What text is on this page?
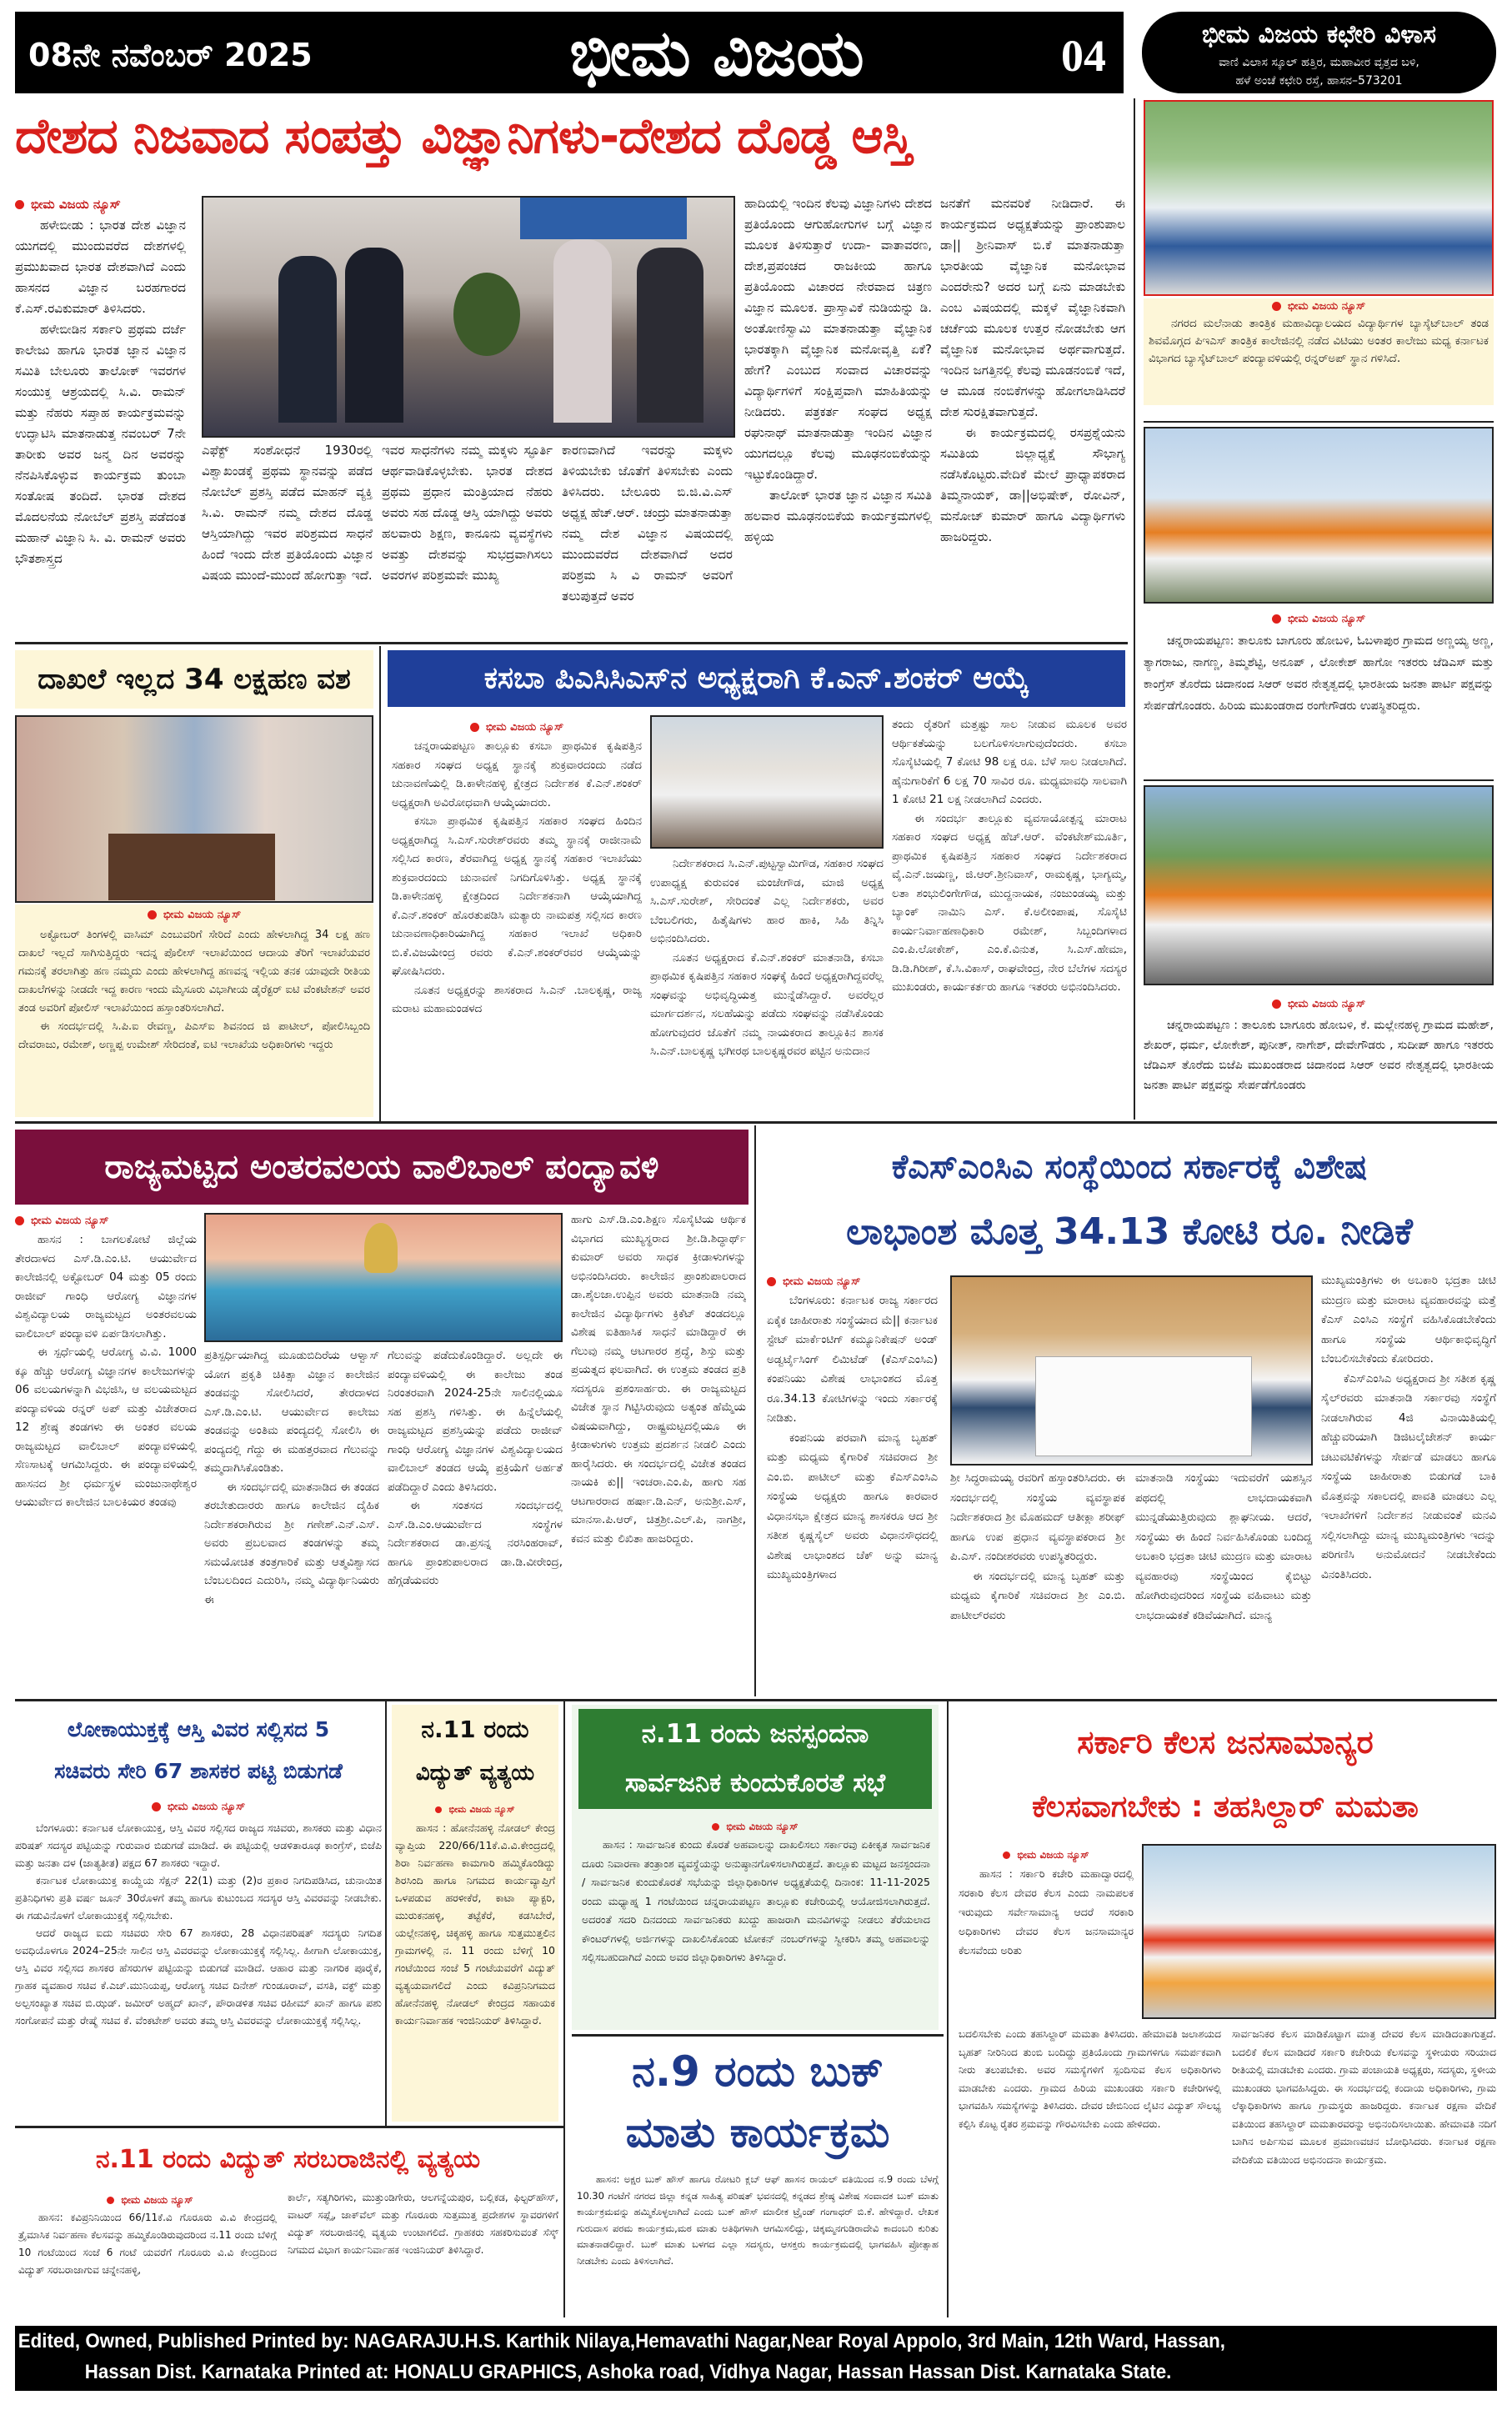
08ನೇ ನವೆಂಬರ್ 2025	ಭೀಮ ವಿಜಯ	04	ಭೀಮ ವಿಜಯ ಕಛೇರಿ ವಿಳಾಸ
ವಾಣಿ ವಿಲಾಸ ಸ್ಕೂಲ್ ಹತ್ತಿರ, ಮಹಾವೀರ ವೃತ್ತದ ಬಳಿ,
ಹಳೆ ಅಂಚೆ ಕಛೇರಿ ರಸ್ತೆ, ಹಾಸನ–573201
ದೇಶದ ನಿಜವಾದ ಸಂಪತ್ತು ವಿಜ್ಞಾನಿಗಳು-ದೇಶದ ದೊಡ್ಡ ಆಸ್ತಿ
ಭೀಮ ವಿಜಯ ನ್ಯೂಸ್

ಹಳೇಬೀಡು : ಭಾರತ ದೇಶ ವಿಜ್ಞಾನ ಯುಗದಲ್ಲಿ ಮುಂದುವರೆದ ದೇಶಗಳಲ್ಲಿ ಪ್ರಮುಖವಾದ ಭಾರತ ದೇಶವಾಗಿದೆ ಎಂದು ಹಾಸನದ ವಿಜ್ಞಾನ ಬರಹಗಾರದ ಕೆ.ಎಸ್.ರವಿಕುಮಾರ್ ತಿಳಿಸಿದರು.

ಹಳೇಬೀಡಿನ ಸರ್ಕಾರಿ ಪ್ರಥಮ ದರ್ಜೆ ಕಾಲೇಜು ಹಾಗೂ ಭಾರತ ಜ್ಞಾನ ವಿಜ್ಞಾನ ಸಮಿತಿ ಬೇಲೂರು ತಾಲೋಕ್ ಇವರಗಳ ಸಂಯುಕ್ತ ಆಶ್ರಯದಲ್ಲಿ ಸಿ.ವಿ. ರಾಮನ್ ಮತ್ತು ನೆಹರು ಸಪ್ತಾಹ ಕಾರ್ಯಕ್ರಮವನ್ನು ಉದ್ಘಾಟಿಸಿ ಮಾತನಾಡುತ್ತ ನವಂಬರ್ 7ನೇ ತಾರೀಕು ಅವರ ಜನ್ಮ ದಿನ ಅವರನ್ನು ನೆನಪಿಸಿಕೊಳ್ಳುವ ಕಾರ್ಯಕ್ರಮ ತುಂಬಾ ಸಂತೋಷ ತಂದಿದೆ. ಭಾರತ ದೇಶದ ಮೊದಲನೆಯ ನೋಬೆಲ್ ಪ್ರಶಸ್ತಿ ಪಡೆದಂತ ಮಹಾನ್ ವಿಜ್ಞಾನಿ ಸಿ. ವಿ. ರಾಮನ್ ಅವರು ಭೌತಶಾಸ್ತ್ರದ

ಎಫೆಕ್ಟ್ ಸಂಶೋಧನೆ 1930ರಲ್ಲಿ ವಿಶ್ವಾಖಂಡಕ್ಕೆ ಪ್ರಥಮ ಸ್ಥಾನವನ್ನು ಪಡೆದ ನೋಬೆಲ್ ಪ್ರಶಸ್ತಿ ಪಡೆದ ಮಾಹನ್ ವ್ಯಕ್ತಿ ಸಿ.ವಿ. ರಾಮನ್ ನಮ್ಮ ದೇಶದ ದೊಡ್ಡ ಆಸ್ತಿಯಾಗಿದ್ದು ಇವರ ಪರಿಶ್ರಮದ ಸಾಧನೆ ಹಿಂದೆ ಇಂದು ದೇಶ ಪ್ರತಿಯೊಂದು ವಿಜ್ಞಾನ ವಿಷಯ ಮುಂದೆ-ಮುಂದೆ ಹೋಗುತ್ತಾ ಇದೆ.

ಇವರ ಸಾಧನೆಗಳು ನಮ್ಮ ಮಕ್ಕಳು ಸ್ಫೂರ್ತಿ ಆರ್ಥವಾಡಿಕೊಳ್ಳಬೇಕು. ಭಾರತ ದೇಶದ ಪ್ರಥಮ ಪ್ರಧಾನ ಮಂತ್ರಿಯಾದ ನೆಹರು ಅವರು ಸಹ ದೊಡ್ಡ ಆಸ್ತಿ ಯಾಗಿದ್ದು ಅವರು ಹಲವಾರು ಶಿಕ್ಷಣ, ಕಾನೂನು ವ್ಯವಸ್ಥೆಗಳು ಅವತ್ತು ದೇಶವನ್ನು ಸುಭದ್ರವಾಗಿಸಲು ಅವರಗಳ ಪರಿಶ್ರಮವೇ ಮುಖ್ಯ

ಕಾರಣವಾಗಿದೆ ಇವರನ್ನು ಮಕ್ಕಳು ತಿಳಿಯಬೇಕು ಜೊತೆಗೆ ತಿಳಿಸಬೇಕು ಎಂದು ತಿಳಿಸಿದರು. ಬೇಲೂರು ಬಿ.ಜಿ.ವಿ.ಎಸ್ ಅಧ್ಯಕ್ಷ ಹೆಚ್.ಆರ್. ಚಂದ್ರು ಮಾತನಾಡುತ್ತಾ ನಮ್ಮ ದೇಶ ವಿಜ್ಞಾನ ವಿಷಯದಲ್ಲಿ ಮುಂದುವರೆದ ದೇಶವಾಗಿದೆ ಅದರ ಪರಿಶ್ರಮ ಸಿ ವಿ ರಾಮನ್ ಅವರಿಗೆ ತಲುಪುತ್ತದೆ ಅವರ

ಹಾದಿಯಲ್ಲಿ ಇಂದಿನ ಕೆಲವು ವಿಜ್ಞಾನಿಗಳು ದೇಶದ ಪ್ರತಿಯೊಂದು ಆಗುಹೋಗುಗಳ ಬಗ್ಗೆ ವಿಜ್ಞಾನ ಮೂಲಕ ತಿಳಿಸುತ್ತಾರೆ ಉದಾ- ವಾತಾವರಣ, ದೇಶ,ಪ್ರಪಂಚದ ರಾಜಕೀಯ ಹಾಗೂ ಪ್ರತಿಯೊಂದು ವಿಚಾರದ ನೇರವಾದ ಚಿತ್ರಣ ವಿಜ್ಞಾನ ಮೂಲಕ. ಪ್ರಾಸ್ತಾವಿಕೆ ನುಡಿಯನ್ನು ಡಿ. ಅಂತೋಣಿಸ್ವಾಮಿ ಮಾತನಾಡುತ್ತಾ ವೈಜ್ಞಾನಿಕ ಭಾರತಕ್ಕಾಗಿ ವೈಜ್ಞಾನಿಕ ಮನೋವೃತ್ತಿ ಏಕೆ? ಹೇಗೆ? ಎಂಬುದ ಸಂವಾದ ವಿಚಾರವನ್ನು ವಿದ್ಯಾರ್ಥಿಗಳಿಗೆ ಸಂಕ್ಷಿಪ್ತವಾಗಿ ಮಾಹಿತಿಯನ್ನು ನೀಡಿದರು. ಪತ್ರಕರ್ತ ಸಂಘದ ಅಧ್ಯಕ್ಷ ರಘುನಾಥ್ ಮಾತನಾಡುತ್ತಾ ಇಂದಿನ ವಿಜ್ಞಾನ ಯುಗದಲ್ಲೂ ಕೆಲವು ಮೂಢನಂಬಿಕೆಯನ್ನು ಇಟ್ಟುಕೊಂಡಿದ್ದಾರೆ.

ತಾಲೋಕ್ ಭಾರತ ಜ್ಞಾನ ವಿಜ್ಞಾನ ಸಮಿತಿ ಹಲವಾರ ಮೂಢನಂಬಿಕೆಯ ಕಾರ್ಯಕ್ರಮಗಳಲ್ಲಿ ಹಳ್ಳಿಯ

ಜನತೆಗೆ ಮನವರಿಕೆ ನೀಡಿದಾರೆ. ಈ ಕಾರ್ಯಕ್ರಮದ ಅಧ್ಯಕ್ಷತೆಯನ್ನು ಪ್ರಾಂಶುಪಾಲ ಡಾ|| ಶ್ರೀನಿವಾಸ್ ಬಿ.ಕೆ ಮಾತನಾಡುತ್ತಾ ಭಾರತೀಯ ವೈಜ್ಞಾನಿಕ ಮನೋಭಾವ ಎಂದರೇನು? ಅದರ ಬಗ್ಗೆ ಏನು ಮಾಡಬೇಕು ಎಂಬ ವಿಷಯದಲ್ಲಿ ಮಕ್ಕಳೆ ವೈಜ್ಞಾನಿಕವಾಗಿ ಚರ್ಚೆಯ ಮೂಲಕ ಉತ್ತರ ನೋಡಬೇಕು ಆಗ ವೈಜ್ಞಾನಿಕ ಮನೋಭಾವ ಅರ್ಥವಾಗುತ್ತದೆ. ಇಂದಿನ ಜಗತ್ತಿನಲ್ಲಿ ಕೆಲವು ಮೂಡನಂಬಿಕೆ ಇದೆ, ಆ ಮೂಡ ನಂಬಿಕೆಗಳನ್ನು ಹೋಗಲಾಡಿಸಿದರೆ ದೇಶ ಸುರಕ್ಷಿತವಾಗುತ್ತದೆ.

ಈ ಕಾರ್ಯಕ್ರಮದಲ್ಲಿ ರಸಪ್ರಶ್ನೆಯನು ಸಮಿತಿಯ ಜಿಲ್ಲಾಧ್ಯಕ್ಷೆ ಸೌಭಾಗ್ಯ ನಡೆಸಿಕೊಟ್ಟರು.ವೇದಿಕೆ ಮೇಲೆ ಪ್ರಾಧ್ಯಾಪಕರಾದ ತಿಮ್ಮನಾಯಕ್, ಡಾ||ಅಭಿಷೇಕ್, ರೋವಿನ್, ಮನೋಜ್ ಕುಮಾರ್ ಹಾಗೂ ವಿದ್ಯಾರ್ಥಿಗಳು ಹಾಜರಿದ್ದರು.

ಭೀಮ ವಿಜಯ ನ್ಯೂಸ್

ನಗರದ ಮಲೆನಾಡು ತಾಂತ್ರಿಕ ಮಹಾವಿದ್ಯಾಲಯದ ವಿದ್ಯಾರ್ಥಿಗಳ ಬ್ಯಾಸ್ಕೆಟ್‌ಬಾಲ್ ತಂಡ ಶಿವಮೊಗ್ಗದ ಪಿಇಎಸ್ ತಾಂತ್ರಿಕ ಕಾಲೇಜಿನಲ್ಲಿ ನಡೆದ ವಿಟಿಯು ಅಂತರ ಕಾಲೇಜು ಮಧ್ಯ ಕರ್ನಾಟಕ ವಿಭಾಗದ ಬ್ಯಾಸ್ಕೆಟ್‌ಬಾಲ್ ಪಂದ್ಯಾವಳಿಯಲ್ಲಿ ರನ್ನರ್‌ಅಪ್ ಸ್ಥಾನ ಗಳಿಸಿದೆ.

ಭೀಮ ವಿಜಯ ನ್ಯೂಸ್

ಚನ್ನರಾಯಪಟ್ಟಣ: ತಾಲೂಕು ಬಾಗೂರು ಹೋಬಳಿ, ಓಬಳಾಪುರ ಗ್ರಾಮದ ಅಣ್ಣಯ್ಯ ಅಣ್ಣ, ತ್ಯಾಗರಾಜು, ನಾಗಣ್ಣ, ತಿಮ್ಮಶೆಟ್ಟಿ, ಅನೂಪ್ , ಲೋಕೇಶ್ ಹಾಗೋ ಇತರರು ಜೆಡಿಎಸ್ ಮತ್ತು ಕಾಂಗ್ರೆಸ್ ತೊರೆದು ಚಿದಾನಂದ ಸಿಆರ್ ಅವರ ನೇತೃತ್ವದಲ್ಲಿ ಭಾರತೀಯ ಜನತಾ ಪಾರ್ಟಿ ಪಕ್ಷವನ್ನು ಸೇರ್ಪಡೆಗೊಂಡರು. ಹಿರಿಯ ಮುಖಂಡರಾದ ರಂಗೇಗೌಡರು ಉಪಸ್ಥಿತರಿದ್ದರು.

ಭೀಮ ವಿಜಯ ನ್ಯೂಸ್

ಚನ್ನರಾಯಪಟ್ಟಣ : ತಾಲೂಕು ಬಾಗೂರು ಹೋಬಳಿ, ಕೆ. ಮಲ್ಲೇನಹಳ್ಳಿ ಗ್ರಾಮದ ಮಹೇಶ್, ಶೇಖರ್, ಧರ್ಮ, ಲೋಕೇಶ್, ಪುನೀತ್, ನಾಗೇಶ್, ದೇವೇಗೌಡರು , ಸುದೀಪ್ ಹಾಗೂ ಇತರರು ಜೆಡಿಎಸ್ ತೊರೆದು ಬಿಜೆಪಿ ಮುಖಂಡರಾದ ಚಿದಾನಂದ ಸಿಆರ್ ಅವರ ನೇತೃತ್ವದಲ್ಲಿ ಭಾರತೀಯ ಜನತಾ ಪಾರ್ಟಿ ಪಕ್ಷವನ್ನು ಸೇರ್ಪಡೆಗೊಂಡರು

ದಾಖಲೆ ಇಲ್ಲದ 34 ಲಕ್ಷಹಣ ವಶ
ಭೀಮ ವಿಜಯ ನ್ಯೂಸ್

ಅಕ್ಟೋಬರ್ ತಿಂಗಳಲ್ಲಿ ವಾಸಿಮ್ ಎಂಬುವರಿಗೆ ಸೇರಿದೆ ಎಂದು ಹೇಳಲಾಗಿದ್ದ 34 ಲಕ್ಷ ಹಣ ದಾಖಲೆ ಇಲ್ಲದೆ ಸಾಗಿಸುತ್ತಿದ್ದರು ಇದನ್ನ ಪೊಲೀಸ್ ಇಲಾಖೆಯಿಂದ ಆದಾಯ ತೆರಿಗೆ ಇಲಾಖೆಯವರ ಗಮನಕ್ಕೆ ತರಲಾಗಿತ್ತು ಹಣ ನಮ್ಮದು ಎಂದು ಹೇಳಲಾಗಿದ್ದ ಹಣವನ್ನ ಇಲ್ಲಿಯ ತನಕ ಯಾವುದೇ ರೀತಿಯ ದಾಖಲೆಗಳನ್ನು ನೀಡದೇ ಇದ್ದ ಕಾರಣ ಇಂದು ಮೈಸೂರು ವಿಭಾಗೀಯ ಡೈರೆಕ್ಟರ್ ಐಟಿ ವೆಂಕಟೇಶನ್ ಅವರ ತಂಡ ಅವರಿಗೆ ಪೋಲಿಸ್ ಇಲಾಖೆಯಿಂದ ಹಸ್ತಾಂತರಿಸಲಾಗಿದೆ.

ಈ ಸಂದರ್ಭದಲ್ಲಿ ಸಿ.ಪಿ.ಐ ರೇವಣ್ಣ, ಪಿಎಸ್ಐ ಶಿವನಂದ ಜಿ ಪಾಟೀಲ್, ಪೋಲಿಸಿಬ್ಬಂದಿ ದೇವರಾಜು, ರಮೇಶ್, ಅಣ್ಣಪ್ಪ ಉಮೇಶ್ ಸೇರಿದಂತೆ, ಐಟಿ ಇಲಾಖೆಯ ಅಧಿಕಾರಿಗಳು ಇದ್ದರು

ಕಸಬಾ ಪಿಎಸಿಸಿಎಸ್‌ನ ಅಧ್ಯಕ್ಷರಾಗಿ ಕೆ.ಎನ್.ಶಂಕರ್ ಆಯ್ಕೆ
ಭೀಮ ವಿಜಯ ನ್ಯೂಸ್

ಚನ್ನರಾಯಪಟ್ಟಣ ತಾಲ್ಲೂಕು ಕಸಬಾ ಪ್ರಾಥಮಿಕ ಕೃಷಿಪತ್ತಿನ ಸಹಕಾರ ಸಂಘದ ಅಧ್ಯಕ್ಷ ಸ್ಥಾನಕ್ಕೆ ಶುಕ್ರವಾರದಂದು ನಡೆದ ಚುನಾವಣೆಯಲ್ಲಿ ಡಿ.ಕಾಳೇನಹಳ್ಳಿ ಕ್ಷೇತ್ರದ ನಿರ್ದೇಶಕ ಕೆ.ಎನ್.ಶಂಕರ್ ಅಧ್ಯಕ್ಷರಾಗಿ ಅವಿರೋಧವಾಗಿ ಆಯ್ಕೆಯಾದರು.

ಕಸಬಾ ಪ್ರಾಥಮಿಕ ಕೃಷಿಪತ್ತಿನ ಸಹಕಾರ ಸಂಘದ ಹಿಂದಿನ ಅಧ್ಯಕ್ಷರಾಗಿದ್ದ ಸಿ.ಎಸ್.ಸುರೇಶ್‌ರವರು ತಮ್ಮ ಸ್ಥಾನಕ್ಕೆ ರಾಜೀನಾಮೆ ಸಲ್ಲಿಸಿದ ಕಾರಣ, ತೆರವಾಗಿದ್ದ ಅಧ್ಯಕ್ಷ ಸ್ಥಾನಕ್ಕೆ ಸಹಕಾರ ಇಲಾಖೆಯು ಶುಕ್ರವಾರದಂದು ಚುನಾವಣೆ ನಿಗದಿಗೊಳಿಸಿತ್ತು. ಅಧ್ಯಕ್ಷ ಸ್ಥಾನಕ್ಕೆ ಡಿ.ಕಾಳೇನಹಳ್ಳಿ ಕ್ಷೇತ್ರದಿಂದ ನಿರ್ದೇಶಕನಾಗಿ ಆಯ್ಕೆಯಾಗಿದ್ದ ಕೆ.ಎನ್.ಶಂಕರ್ ಹೊರತುಪಡಿಸಿ ಮತ್ಯಾರು ನಾಮಪತ್ರ ಸಲ್ಲಿಸದ ಕಾರಣ ಚುನಾವಣಾಧಿಕಾರಿಯಾಗಿದ್ದ ಸಹಕಾರ ಇಲಾಖೆ ಅಧಿಕಾರಿ ಬಿ.ಕೆ.ವಿಜಯೇಂದ್ರ ರವರು ಕೆ.ಎನ್.ಶಂಕರ್‌ರವರ ಆಯ್ಕೆಯನ್ನು ಘೋಷಿಸಿದರು.

ನೂತನ ಅಧ್ಯಕ್ಷರನ್ನು ಶಾಸಕರಾದ ಸಿ.ಎನ್ .ಬಾಲಕೃಷ್ಣ, ರಾಜ್ಯ ಮರಾಟ ಮಹಾಮಂಡಳದ

ನಿರ್ದೇಶಕರಾದ ಸಿ.ಎನ್.ಪುಟ್ಟಸ್ವಾಮಿಗೌಡ, ಸಹಕಾರ ಸಂಘದ ಉಪಾಧ್ಯಕ್ಷ ಕುರುವಂಕ ಮಂಜೇಗೌಡ, ಮಾಜಿ ಅಧ್ಯಕ್ಷ ಸಿ.ಎಸ್.ಸುರೇಶ್, ಸೇರಿದಂತೆ ಎಲ್ಲ ನಿರ್ದೇಶಕರು, ಅವರ ಬೆಂಬಲಿಗರು, ಹಿತೈಷಿಗಳು ಹಾರ ಹಾಕಿ, ಸಿಹಿ ತಿನ್ನಿಸಿ ಅಭಿನಂದಿಸಿದರು.

ನೂತನ ಅಧ್ಯಕ್ಷರಾದ ಕೆ.ಎನ್.ಶಂಕರ್ ಮಾತನಾಡಿ, ಕಸಬಾ ಪ್ರಾಥಮಿಕ ಕೃಷಿಪತ್ತಿನ ಸಹಕಾರ ಸಂಘಕ್ಕೆ ಹಿಂದೆ ಅಧ್ಯಕ್ಷರಾಗಿದ್ದವರೆಲ್ಲ ಸಂಘವನ್ನು ಅಭಿವೃದ್ಧಿಯತ್ತ ಮುನ್ನೆಡೆಸಿದ್ದಾರೆ. ಅವರೆಲ್ಲರ ಮಾರ್ಗದರ್ಶನ, ಸಲಹೆಯನ್ನು ಪಡೆದು ಸಂಘವನ್ನು ನಡೆಸಿಕೊಂಡು ಹೋಗುವುದರ ಜೊತೆಗೆ ನಮ್ಮ ನಾಯಕರಾದ ತಾಲ್ಲೂಕಿನ ಶಾಸಕ ಸಿ.ಎನ್.ಬಾಲಕೃಷ್ಣ ಭಗೀರಥ ಬಾಲಕೃಷ್ಣರವರ ಪಟ್ಟಿನ ಅನುದಾನ

ತಂದು ರೈತರಿಗೆ ಮತ್ತಷ್ಟು ಸಾಲ ನೀಡುವ ಮೂಲಕ ಅವರ ಆರ್ಥಿಕತೆಯನ್ನು ಬಲಗೊಳಿಸಲಾಗುವುದೆಂದರು. ಕಸಬಾ ಸೊಸೈಟಿಯಲ್ಲಿ 7 ಕೋಟಿ 98 ಲಕ್ಷ ರೂ. ಬೆಳೆ ಸಾಲ ನೀಡಲಾಗಿದೆ. ಹೈನುಗಾರಿಕೆಗೆ 6 ಲಕ್ಷ 70 ಸಾವಿರ ರೂ. ಮಧ್ಯಮಾವಧಿ ಸಾಲವಾಗಿ 1 ಕೋಟಿ 21 ಲಕ್ಷ ನೀಡಲಾಗಿದೆ ಎಂದರು.

ಈ ಸಂದರ್ಭ ತಾಲ್ಲೂಕು ವ್ಯವಸಾಯೋತ್ಪನ್ನ ಮಾರಾಟ ಸಹಕಾರ ಸಂಘದ ಅಧ್ಯಕ್ಷ ಹೆಚ್.ಆರ್. ವೆಂಕಟೇಶ್‌ಮೂರ್ತಿ, ಪ್ರಾಥಮಿಕ ಕೃಷಿಪತ್ತಿನ ಸಹಕಾರ ಸಂಘದ ನಿರ್ದೇಶಕರಾದ ವೈ.ಎನ್.ಜಯಣ್ಣ, ಜಿ.ಆರ್.ಶ್ರೀನಿವಾಸ್, ರಾಮಕೃಷ್ಣ, ಭಾಗ್ಯಮ್ಮ, ಲತಾ ಶಂಭುಲಿಂಗೇಗೌಡ, ಮುದ್ದನಾಯಕ, ನಂಜುಂಡಯ್ಯ ಮತ್ತು ಬ್ಯಾಂಕ್ ನಾಮಿನಿ ಎಸ್. ಕೆ.ಅಲೀಂಪಾಷ, ಸೊಸೈಟಿ ಕಾರ್ಯನಿರ್ವಾಹಣಾಧಿಕಾರಿ ರಮೇಶ್, ಸಿಬ್ಬಂದಿಗಳಾದ ಎಂ.ಪಿ.ಲೋಕೇಶ್, ಎಂ.ಕೆ.ವಿನುತ, ಸಿ.ಎಸ್.ಹೇಮಾ, ಡಿ.ಡಿ.ಗಿರೀಶ್, ಕೆ.ಸಿ.ವಿಕಾಸ್, ರಾಘವೇಂದ್ರ, ನೇರ ಬೆಲೆಗಳ ಸದಸ್ಯರ ಮುಖಂಡರು, ಕಾರ್ಯಕರ್ತರು ಹಾಗೂ ಇತರರು ಅಭಿನಂದಿಸಿದರು.

ರಾಜ್ಯಮಟ್ಟದ ಅಂತರವಲಯ ವಾಲಿಬಾಲ್ ಪಂದ್ಯಾವಳಿ
ಭೀಮ ವಿಜಯ ನ್ಯೂಸ್

ಹಾಸನ : ಬಾಗಲಕೋಟೆ ಜಿಲ್ಲೆಯ ತೇರದಾಳದ ಎಸ್.ಡಿ.ಎಂ.ಟಿ. ಆಯುರ್ವೇದ ಕಾಲೇಜಿನಲ್ಲಿ ಅಕ್ಟೋಬರ್ 04 ಮತ್ತು 05 ರಂದು ರಾಜೀವ್ ಗಾಂಧಿ ಆರೋಗ್ಯ ವಿಜ್ಞಾನಗಳ ವಿಶ್ವವಿದ್ಯಾಲಯ ರಾಜ್ಯಮಟ್ಟದ ಅಂತರವಲಯ ವಾಲಿಬಾಲ್ ಪಂದ್ಯಾವಳಿ ಏರ್ಪಡಿಸಲಾಗಿತ್ತು.

ಈ ಸ್ಪರ್ಧೆಯಲ್ಲಿ ಆರೋಗ್ಯ ವಿ.ವಿ. 1000 ಕ್ಕೂ ಹೆಚ್ಚು ಆರೋಗ್ಯ ವಿಜ್ಞಾನಗಳ ಕಾಲೇಜುಗಳನ್ನು 06 ವಲಯಗಳನ್ನಾಗಿ ವಿಭಜಿಸಿ, ಆ ವಲಯಮಟ್ಟದ ಪಂದ್ಯಾವಳಿಯ ರನ್ನರ್ ಅಪ್ ಮತ್ತು ವಿಜೇತರಾದ 12 ಶ್ರೇಷ್ಠ ತಂಡಗಳು ಈ ಅಂತರ ವಲಯ ರಾಜ್ಯಮಟ್ಟದ ವಾಲಿಬಾಲ್ ಪಂದ್ಯಾವಳಿಯಲ್ಲಿ ಸೆಣಸಾಟಕ್ಕೆ ಆಗಮಿಸಿದ್ದರು. ಈ ಪಂದ್ಯಾವಳಿಯಲ್ಲಿ ಹಾಸನದ ಶ್ರೀ ಧರ್ಮಸ್ಥಳ ಮಂಜುನಾಥೇಶ್ವರ ಆಯುರ್ವೇದ ಕಾಲೇಜಿನ ಬಾಲಕಿಯರ ತಂಡವು

ಪ್ರತಿಸ್ಪರ್ಧಿಯಾಗಿದ್ದ ಮೂಡುಬಿದಿರೆಯ ಆಳ್ವಾಸ್ ಯೋಗ ಪ್ರಕೃತಿ ಚಿಕಿತ್ಸಾ ವಿಜ್ಞಾನ ಕಾಲೇಜಿನ ತಂಡವನ್ನು ಸೋಲಿಸಿದರೆ, ತೇರದಾಳದ ಎಸ್.ಡಿ.ಎಂ.ಟಿ. ಆಯುರ್ವೇದ ಕಾಲೇಜು ತಂಡವನ್ನು ಅಂತಿಮ ಪಂದ್ಯದಲ್ಲಿ ಸೋಲಿಸಿ ಈ ಪಂದ್ಯದಲ್ಲಿ ಗೆದ್ದು ಈ ಮಹತ್ತರವಾದ ಗೆಲುವನ್ನು ತಮ್ಮದಾಗಿಸಿಕೊಂಡಿತು.

ಈ ಸಂದರ್ಭದಲ್ಲಿ ಮಾತನಾಡಿದ ಈ ತಂಡದ ತರಬೇತುದಾರರು ಹಾಗೂ ಕಾಲೇಜಿನ ದೈಹಿಕ ನಿರ್ದೇಶಕರಾಗಿರುವ ಶ್ರೀ ಗಣೇಶ್.ಎನ್.ಎಸ್. ಅವರು ಪ್ರಬಲವಾದ ತಂಡಗಳನ್ನು ತಮ್ಮ ಸಮಯೋಚಿತ ತಂತ್ರಗಾರಿಕೆ ಮತ್ತು ಆತ್ಮವಿಶ್ವಾಸದ ಬೆಂಬಲದಿಂದ ಎದುರಿಸಿ, ನಮ್ಮ ವಿದ್ಯಾರ್ಥಿನಿಯರು ಈ

ಗೆಲುವನ್ನು ಪಡೆದುಕೊಂಡಿದ್ದಾರೆ. ಅಲ್ಲದೇ ಈ ಪಂದ್ಯಾವಳಿಯಲ್ಲಿ ಈ ಕಾಲೇಜು ತಂಡ ನಿರಂತರವಾಗಿ 2024-25ನೇ ಸಾಲಿನಲ್ಲಿಯೂ ಸಹ ಪ್ರಶಸ್ತಿ ಗಳಿಸಿತ್ತು. ಈ ಹಿನ್ನೆಲೆಯಲ್ಲಿ ರಾಜ್ಯಮಟ್ಟದ ಪ್ರಶಸ್ತಿಯನ್ನು ಪಡೆದು ರಾಜೀವ್ ಗಾಂಧಿ ಆರೋಗ್ಯ ವಿಜ್ಞಾನಗಳ ವಿಶ್ವವಿದ್ಯಾಲಯದ ವಾಲಿಬಾಲ್ ತಂಡದ ಆಯ್ಕೆ ಪ್ರಕ್ರಿಯೆಗೆ ಅರ್ಹತೆ ಪಡೆದಿದ್ದಾರೆ ಎಂದು ತಿಳಿಸಿದರು.

ಈ ಸಂತಸದ ಸಂದರ್ಭದಲ್ಲಿ ಎಸ್.ಡಿ.ಎಂ.ಆಯುರ್ವೇದ ಸಂಸ್ಥೆಗಳ ನಿರ್ದೇಶಕರಾದ ಡಾ.ಪ್ರಸನ್ನ ನರಸಿಂಹರಾವ್, ಹಾಗೂ ಪ್ರಾಂಶುಪಾಲರಾದ ಡಾ.ಡಿ.ವೀರೇಂದ್ರ, ಹೆಗ್ಗಡೆಯವರು

ಹಾಗು ಎಸ್.ಡಿ.ಎಂ.ಶಿಕ್ಷಣ ಸೊಸೈಟಿಯ ಆರ್ಥಿಕ ವಿಭಾಗದ ಮುಖ್ಯಸ್ಥರಾದ ಶ್ರೀ.ಡಿ.ಶಿದ್ಧಾರ್ಥ್ ಕುಮಾರ್ ಅವರು ಸಾಧಕ ಕ್ರೀಡಾಳುಗಳನ್ನು ಅಭಿನಂದಿಸಿದರು. ಕಾಲೇಜಿನ ಪ್ರಾಂಶುಪಾಲರಾದ ಡಾ.ಶೈಲಜಾ.ಉಪ್ಪಿನ ಅವರು ಮಾತನಾಡಿ ನಮ್ಮ ಕಾಲೇಜಿನ ವಿದ್ಯಾರ್ಥಿಗಳು ಕ್ರಿಕೆಟ್ ತಂಡದಲ್ಲೂ ವಿಶೇಷ ಐತಿಹಾಸಿಕ ಸಾಧನೆ ಮಾಡಿದ್ದಾರೆ ಈ ಗೆಲುವು ನಮ್ಮ ಆಟಗಾರರ ಶ್ರದ್ಧೆ, ಶಿಸ್ತು ಮತ್ತು ಪ್ರಯತ್ನದ ಫಲವಾಗಿದೆ. ಈ ಉತ್ತಮ ತಂಡದ ಪ್ರತಿ ಸದಸ್ಯರೂ ಪ್ರಶಂಸಾರ್ಹರು. ಈ ರಾಜ್ಯಮಟ್ಟದ ವಿಜೇತ ಸ್ಥಾನ ಗಿಟ್ಟಿಸಿರುವುದು ಅತ್ಯಂತ ಹೆಮ್ಮೆಯ ವಿಷಯವಾಗಿದ್ದು, ರಾಷ್ಟ್ರಮಟ್ಟದಲ್ಲಿಯೂ ಈ ಕ್ರೀಡಾಳುಗಳು ಉತ್ತಮ ಪ್ರದರ್ಶನ ನೀಡಲಿ ಎಂದು ಹಾರೈಸಿದರು. ಈ ಸಂದರ್ಭದಲ್ಲಿ ವಿಜೇತ ತಂಡದ ನಾಯಕಿ ಕು|| ಇಂಚರಾ.ಎಂ.ಪಿ, ಹಾಗು ಸಹ ಆಟಗಾರರಾದ ಹರ್ಷಾ.ಡಿ.ಎನ್, ಅನುಶ್ರೀ.ಎಸ್, ಮಾನಸಾ.ಪಿ.ಆರ್, ಚಿತ್ರಶ್ರೀ.ಎಲ್.ಪಿ, ನಾಗಶ್ರೀ, ಕವನ ಮತ್ತು ಲಿಖಿತಾ ಹಾಜರಿದ್ದರು.

ಕೆಎಸ್‌ಎಂಸಿಎ ಸಂಸ್ಥೆಯಿಂದ ಸರ್ಕಾರಕ್ಕೆ ವಿಶೇಷ
ಲಾಭಾಂಶ ಮೊತ್ತ 34.13 ಕೋಟಿ ರೂ. ನೀಡಿಕೆ
ಭೀಮ ವಿಜಯ ನ್ಯೂಸ್

ಬೆಂಗಳೂರು: ಕರ್ನಾಟಕ ರಾಜ್ಯ ಸರ್ಕಾರದ ಏಕೈಕ ಜಾಹೀರಾತು ಸಂಸ್ಥೆಯಾದ ಮೆ|| ಕರ್ನಾಟಕ ಸ್ಟೇಟ್ ಮಾರ್ಕೆಂಟಿಗ್ ಕಮ್ಯೂನಿಕೇಷನ್ ಅಂಡ್ ಅಡ್ವರ್ಟೈಸಿಂಗ್ ಲಿಮಿಟೆಡ್ (ಕೆಎಸ್‌ಎಂಸಿಎ) ಕಂಪನಿಯು ವಿಶೇಷ ಲಾಭಾಂಶದ ಮೊತ್ತ ರೂ.34.13 ಕೋಟಿಗಳನ್ನು ಇಂದು ಸರ್ಕಾರಕ್ಕೆ ನೀಡಿತು.

ಕಂಪನಿಯ ಪರವಾಗಿ ಮಾನ್ಯ ಬೃಹತ್ ಮತ್ತು ಮಧ್ಯಮ ಕೈಗಾರಿಕೆ ಸಚಿವರಾದ ಶ್ರೀ ಎಂ.ಬಿ. ಪಾಟೀಲ್ ಮತ್ತು ಕೆಎಸ್‌ಎಂಸಿಎ ಸಂಸ್ಥೆಯ ಅಧ್ಯಕ್ಷರು ಹಾಗೂ ಕಾರವಾರ ವಿಧಾನಸಭಾ ಕ್ಷೇತ್ರದ ಮಾನ್ಯ ಶಾಸಕರೂ ಆದ ಶ್ರೀ ಸತೀಶ ಕೃಷ್ಣಸೈಲ್ ಅವರು ವಿಧಾನಸೌಧದಲ್ಲಿ ವಿಶೇಷ ಲಾಭಾಂಶದ ಚೆಕ್ ಅನ್ನು ಮಾನ್ಯ ಮುಖ್ಯಮಂತ್ರಿಗಳಾದ

ಶ್ರೀ ಸಿದ್ಧರಾಮಯ್ಯ ರವರಿಗೆ ಹಸ್ತಾಂತರಿಸಿದರು. ಈ ಸಂದರ್ಭದಲ್ಲಿ ಸಂಸ್ಥೆಯ ವ್ಯವಸ್ಥಾಪಕ ನಿರ್ದೇಶಕರಾದ ಶ್ರೀ ಮೊಹಮದ್ ಆತೀಕ್ಲಾ ಶರೀಫ್ ಹಾಗೂ ಉಪ ಪ್ರಧಾನ ವ್ಯವಸ್ಥಾಪಕರಾದ ಶ್ರೀ ಪಿ.ಎಸ್. ನಂದೀಶರವರು ಉಪಸ್ಥಿತರಿದ್ದರು.

ಈ ಸಂದರ್ಭದಲ್ಲಿ ಮಾನ್ಯ ಬೃಹತ್ ಮತ್ತು ಮಧ್ಯಮ ಕೈಗಾರಿಕೆ ಸಚಿವರಾದ ಶ್ರೀ ಎಂ.ಬಿ. ಪಾಟೀಲ್‌ರವರು

ಮಾತನಾಡಿ ಸಂಸ್ಥೆಯು ಇದುವರೆಗೆ ಯಶಸ್ಸಿನ ಪಥದಲ್ಲಿ ಲಾಭದಾಯಕವಾಗಿ ಮುನ್ನಡೆಯುತ್ತಿರುವುದು ಶ್ಲಾಘನೀಯ. ಆದರೆ, ಸಂಸ್ಥೆಯು ಈ ಹಿಂದೆ ನಿರ್ವಹಿಸಿಕೊಂಡು ಬಂದಿದ್ದ ಅಬಕಾರಿ ಭದ್ರತಾ ಚೀಟಿ ಮುದ್ರಣ ಮತ್ತು ಮಾರಾಟ ವ್ಯವಹಾರವು ಸಂಸ್ಥೆಯಿಂದ ಕೈಬಿಟ್ಟು ಹೋಗಿರುವುದರಿಂದ ಸಂಸ್ಥೆಯ ವಹಿವಾಟು ಮತ್ತು ಲಾಭದಾಯಕತೆ ಕಡಿವೆಯಾಗಿದೆ. ಮಾನ್ಯ

ಮುಖ್ಯಮಂತ್ರಿಗಳು ಈ ಅಬಕಾರಿ ಭದ್ರತಾ ಚೀಟಿ ಮುದ್ರಣ ಮತ್ತು ಮಾರಾಟ ವ್ಯವಹಾರವನ್ನು ಮತ್ತೆ ಕೆಎಸ್ ಎಂಸಿಎ ಸಂಸ್ಥೆಗೆ ವಹಿಸಿಕೊಡಬೇಕೆಂದು ಹಾಗೂ ಸಂಸ್ಥೆಯ ಆರ್ಥಿಕಾಭಿವೃದ್ಧಿಗೆ ಬೆಂಬಲಿಸಬೇಕೆಂದು ಕೋರಿದರು.

ಕೆಎಸ್‌ಎಂಸಿಎ ಅಧ್ಯಕ್ಷರಾದ ಶ್ರೀ ಸತೀಶ ಕೃಷ್ಣ ಸೈಲ್‌ರವರು ಮಾತನಾಡಿ ಸರ್ಕಾರವು ಸಂಸ್ಥೆಗೆ ನೀಡಲಾಗಿರುವ 4ಜಿ ವಿನಾಯಿತಿಯಲ್ಲಿ ಹೆಚ್ಚುವರಿಯಾಗಿ ಡಿಜಿಟಲೈಜೇಶನ್ ಕಾರ್ಯ ಚಟುವಟಿಕೆಗಳನ್ನು ಸೇರ್ಪಡೆ ಮಾಡಲು ಹಾಗೂ ಸಂಸ್ಥೆಯ ಜಾಹೀರಾತು ಬಿಡುಗಡೆ ಬಾಕಿ ಮೊತ್ತವನ್ನು ಸಕಾಲದಲ್ಲಿ ಪಾವತಿ ಮಾಡಲು ಎಲ್ಲ ಇಲಾಖೆಗಳಿಗೆ ನಿರ್ದೇಶನ ನೀಡುವಂತೆ ಮನವಿ ಸಲ್ಲಿಸಲಾಗಿದ್ದು ಮಾನ್ಯ ಮುಖ್ಯಮಂತ್ರಿಗಳು ಇದನ್ನು ಪರಿಗಣಿಸಿ ಅನುಮೋದನೆ ನೀಡಬೇಕೆಂದು ವಿನಂತಿಸಿದರು.

ಲೋಕಾಯುಕ್ತಕ್ಕೆ ಆಸ್ತಿ ವಿವರ ಸಲ್ಲಿಸದ 5
ಸಚಿವರು ಸೇರಿ 67 ಶಾಸಕರ ಪಟ್ಟಿ ಬಿಡುಗಡೆ
ಭೀಮ ವಿಜಯ ನ್ಯೂಸ್

ಬೆಂಗಳೂರು: ಕರ್ನಾಟಕ ಲೋಕಾಯುಕ್ತ, ಆಸ್ತಿ ವಿವರ ಸಲ್ಲಿಸದ ರಾಜ್ಯದ ಸಚಿವರು, ಶಾಸಕರು ಮತ್ತು ವಿಧಾನ ಪರಿಷತ್ ಸದಸ್ಯರ ಪಟ್ಟಿಯನ್ನು ಗುರುವಾರ ಬಿಡುಗಡೆ ಮಾಡಿದೆ. ಈ ಪಟ್ಟಿಯಲ್ಲಿ ಆಡಳಿತಾರೂಢ ಕಾಂಗ್ರೆಸ್, ಬಿಜೆಪಿ ಮತ್ತು ಜನತಾ ದಳ (ಜಾತ್ಯತೀತ) ಪಕ್ಷದ 67 ಶಾಸಕರು ಇದ್ದಾರೆ.

ಕರ್ನಾಟಕ ಲೋಕಾಯುಕ್ತ ಕಾಯ್ದೆಯ ಸೆಕ್ಷನ್ 22(1) ಮತ್ತು (2)ರ ಪ್ರಕಾರ ನಿಗದಿಪಡಿಸಿದ, ಚುನಾಯಿತ ಪ್ರತಿನಿಧಿಗಳು ಪ್ರತಿ ವರ್ಷ ಜೂನ್ 30ರೊಳಗೆ ತಮ್ಮ ಹಾಗೂ ಕುಟುಂಬದ ಸದಸ್ಯರ ಆಸ್ತಿ ವಿವರವನ್ನು ನೀಡಬೇಕು. ಈ ಗಡುವಿನೊಳಗೆ ಲೋಕಾಯುಕ್ತಕ್ಕೆ ಸಲ್ಲಿಸಬೇಕು.

ಆದರೆ ರಾಜ್ಯದ ಐದು ಸಚಿವರು ಸೇರಿ 67 ಶಾಸಕರು, 28 ವಿಧಾನಪರಿಷತ್ ಸದಸ್ಯರು ನಿಗದಿತ ಅವಧಿಯೊಳಗೂ 2024–25ನೇ ಸಾಲಿನ ಆಸ್ತಿ ವಿವರವನ್ನು ಲೋಕಾಯುಕ್ತಕ್ಕೆ ಸಲ್ಲಿಸಿಲ್ಲ. ಹೀಗಾಗಿ ಲೋಕಾಯುಕ್ತ, ಆಸ್ತಿ ವಿವರ ಸಲ್ಲಿಸದ ಶಾಸಕರ ಹೆಸರುಗಳ ಪಟ್ಟಿಯನ್ನು ಬಿಡುಗಡೆ ಮಾಡಿದೆ. ಆಹಾರ ಮತ್ತು ನಾಗರಿಕ ಪೂರೈಕೆ, ಗ್ರಾಹಕ ವ್ಯವಹಾರ ಸಚಿವ ಕೆ.ಎಚ್.ಮುನಿಯಪ್ಪ, ಆರೋಗ್ಯ ಸಚಿವ ದಿನೇಶ್ ಗುಂಡೂರಾವ್, ವಸತಿ, ವಕ್ಫ್ ಮತ್ತು ಅಲ್ಪಸಂಖ್ಯಾತ ಸಚಿವ ಬಿ.ಝಡ್. ಜಮೀರ್ ಅಹ್ಮದ್ ಖಾನ್, ಪೌರಾಡಳಿತ ಸಚಿವ ರಹೀಮ್ ಖಾನ್ ಹಾಗೂ ಪಶು ಸಂಗೋಪನೆ ಮತ್ತು ರೇಷ್ಮೆ ಸಚಿವ ಕೆ. ವೆಂಕಟೇಶ್ ಅವರು ತಮ್ಮ ಆಸ್ತಿ ವಿವರವನ್ನು ಲೋಕಾಯುಕ್ತಕ್ಕೆ ಸಲ್ಲಿಸಿಲ್ಲ.

ನ.11 ರಂದು
ವಿದ್ಯುತ್ ವ್ಯತ್ಯಯ
ಭೀಮ ವಿಜಯ ನ್ಯೂಸ್

ಹಾಸನ : ಹೋನೆನಹಳ್ಳಿ ನೋಡಲ್ ಕೇಂದ್ರ ವ್ಯಾಪ್ತಿಯ 220/66/11ಕೆ.ವಿ.ವಿ.ಕೇಂದ್ರದಲ್ಲಿ ಶಿರಾ ನಿರ್ವಹಣಾ ಕಾಮಗಾರಿ ಹಮ್ಮಿಕೊಂಡಿದ್ದು ಶಿರಸಿಂದಿ ಹಾಗೂ ನಿಗಮದ ಕಾರ್ಯವ್ಯಾಪ್ತಿಗೆ ಒಳಪಡುವ ಹರಳೀಕೆರೆ, ಕಾಟಾ ಪ್ಯಾಕ್ಟರಿ, ಮುರುಕನಹಳ್ಳಿ, ತಟ್ಟೆಕೆರೆ, ಕಡಸಿಬೇರೆ, ಯಲ್ಲೇನಹಳ್ಳಿ, ಚಿಕ್ಕಹಳ್ಳಿ ಹಾಗೂ ಸುತ್ತಮುತ್ತಲಿನ ಗ್ರಾಮಗಳಲ್ಲಿ ನ. 11 ರಂದು ಬೆಳಿಗ್ಗೆ 10 ಗಂಟೆಯಿಂದ ಸಂಜೆ 5 ಗಂಟೆಯವರೆಗೆ ವಿದ್ಯುತ್ ವ್ಯತ್ಯಯವಾಗಲಿದೆ ಎಂದು ಕವಿಪ್ರನಿನಿಗಮದ ಹೋನೆನಹಳ್ಳಿ ನೋಡಲ್ ಕೇಂದ್ರದ ಸಹಾಯಕ ಕಾರ್ಯನಿರ್ವಾಹಕ ಇಂಜಿನಿಯರ್ ತಿಳಿಸಿದ್ದಾರೆ.

ನ.11 ರಂದು ಜನಸ್ಪಂದನಾ
ಸಾರ್ವಜನಿಕ ಕುಂದುಕೊರತೆ ಸಭೆ
ಭೀಮ ವಿಜಯ ನ್ಯೂಸ್

ಹಾಸನ : ಸಾರ್ವಜನಿಕ ಕುಂದು ಕೊರತೆ ಅಹವಾಲನ್ನು ದಾಖಲಿಸಲು ಸರ್ಕಾರವು ಏಕೀಕೃತ ಸಾರ್ವಜನಿಕ ದೂರು ನಿವಾರಣಾ ತಂತ್ರಾಂಶ ವ್ಯವಸ್ಥೆಯನ್ನು ಅನುಷ್ಠಾನಗೊಳಿಸಲಾಗಿರುತ್ತದೆ. ತಾಲ್ಲೂಕು ಮಟ್ಟದ ಜನಸ್ಪಂದನಾ / ಸಾರ್ವಜನಿಕ ಕುಂದುಕೊರತೆ ಸಭೆಯನ್ನು ಜಿಲ್ಲಾಧಿಕಾರಿಗಳ ಅಧ್ಯಕ್ಷತೆಯಲ್ಲಿ ದಿನಾಂಕ: 11-11-2025 ರಂದು ಮಧ್ಯಾಹ್ನ 1 ಗಂಟೆಯಿಂದ ಚನ್ನರಾಯಪಟ್ಟಣ ತಾಲ್ಲೂಕು ಕಚೇರಿಯಲ್ಲಿ ಆಯೋಜಿಸಲಾಗಿರುತ್ತದೆ. ಅದರಂತೆ ಸದರಿ ದಿನದಂದು ಸಾರ್ವಜನಿಕರು ಖುದ್ದು ಹಾಜರಾಗಿ ಮನವಿಗಳನ್ನು ನೀಡಲು ತೆರೆಯಲಾದ ಕೌಂಟರ್‌ಗಳಲ್ಲಿ ಅರ್ಜಿಗಳನ್ನು ದಾಖಲಿಸಿಕೊಂಡು ಟೋಕನ್ ನಂಬರ್‌ಗಳನ್ನು ಸ್ವೀಕರಿಸಿ ತಮ್ಮ ಅಹವಾಲನ್ನು ಸಲ್ಲಿಸಬಹುದಾಗಿದೆ ಎಂದು ಅವರ ಜಿಲ್ಲಾಧಿಕಾರಿಗಳು ತಿಳಿಸಿದ್ದಾರೆ.

ನ.9 ರಂದು ಬುಕ್
ಮಾತು ಕಾರ್ಯಕ್ರಮ

ಹಾಸನ: ಅಕ್ಷರ ಬುಕ್ ಹೌಸ್ ಹಾಗೂ ರೋಟರಿ ಕ್ಲಬ್ ಆಫ್ ಹಾಸನ ರಾಯಲ್ ವತಿಯಿಂದ ನ.9 ರಂದು ಬೆಳಗ್ಗೆ 10.30 ಗಂಟೆಗೆ ನಗರದ ಜಿಲ್ಲಾ ಕನ್ನಡ ಸಾಹಿತ್ಯ ಪರಿಷತ್ ಭವನದಲ್ಲಿ ಕನ್ನಡದ ಶ್ರೇಷ್ಠ ವಿಶೇಷ ಸಂವಾದಕ ಬುಕ್ ಮಾತು ಕಾರ್ಯಕ್ರಮವನ್ನು ಹಮ್ಮಿಕೊಳ್ಳಲಾಗಿದೆ ಎಂದು ಬುಕ್ ಹೌಸ್ ಮಾಲೀಕ ಟ್ರೈಂಡ್ ಗಂಗಾಧರ್ ಬಿ.ಕೆ. ಹೇಳಿದ್ದಾರೆ. ಲೇಖಕ ಗುರುದಾಸ ಪರಮ ಕಾರ್ಯಕ್ರಮ,ಮಠ ಮಾತು ಅತಿಥಿಗಳಾಗಿ ಆಗಮಿಸಲಿದ್ದು, ಚಿಕ್ಕಮ್ಮನಗುಡಿರಾದೇವಿ ಕಾದಂಬರಿ ಕುರಿತು ಮಾತನಾಡಲಿದ್ದಾರೆ. ಬುಕ್ ಮಾತು ಬಳಗದ ಎಲ್ಲಾ ಸದಸ್ಯರು, ಆಸಕ್ತರು ಕಾರ್ಯಕ್ರಮದಲ್ಲಿ ಭಾಗವಹಿಸಿ ಪ್ರೋತ್ಸಾಹ ನೀಡಬೇಕು ಎಂದು ತಿಳಿಸಲಾಗಿದೆ.

ನ.11 ರಂದು ವಿದ್ಯುತ್ ಸರಬರಾಜಿನಲ್ಲಿ ವ್ಯತ್ಯಯ
ಭೀಮ ವಿಜಯ ನ್ಯೂಸ್

ಹಾಸನ: ಕವಿಪ್ರನಿನಿಯಿಂದ 66/11ಕೆ.ವಿ ಗೊರೂರು ವಿ.ವಿ ಕೇಂದ್ರದಲ್ಲಿ ತ್ರೈಮಾಸಿಕ ನಿರ್ವಹಣಾ ಕೆಲಸವನ್ನು ಹಮ್ಮಿಕೊಂಡಿರುವುದರಿಂದ ನ.11 ರಂದು ಬೆಳಿಗ್ಗೆ 10 ಗಂಟೆಯಿಂದ ಸಂಜೆ 6 ಗಂಟೆ ಯವರೆಗೆ ಗೊರೂರು ವಿ.ವಿ ಕೇಂದ್ರದಿಂದ ವಿದ್ಯುತ್ ಸರಬರಾಜಾಗುವ ಚನ್ನೇನಹಳ್ಳಿ,

ಕಾರ್ಲೆ, ಸತ್ಯಗಿರಿಗಳು, ಮುತ್ತುಂಡಿಗೇರು, ಆಲಗನ್ನೆಯಪುರ, ಬಲ್ಲಿಕಡ, ಫಿಲ್ಟರ್‌ಹೌಸ್, ವಾಟರ್ ಸಪ್ಲೈ, ಜಾಕ್‌ವೆಲ್ ಮತ್ತು ಗೊರೂರು ಸುತ್ತಮುತ್ತ ಪ್ರದೇಶಗಳ ಸ್ಥಾವರಗಳಿಗೆ ವಿದ್ಯುತ್ ಸರಬರಾಜಿನಲ್ಲಿ ವ್ಯತ್ಯಯ ಉಂಟಾಗಲಿದೆ. ಗ್ರಾಹಕರು ಸಹಕರಿಸುವಂತೆ ಸೆಸ್ಕ್ ನಿಗಮದ ವಿಭಾಗ ಕಾರ್ಯನಿರ್ವಾಹಕ ಇಂಜಿನಿಯರ್ ತಿಳಿಸಿದ್ದಾರೆ.

ಸರ್ಕಾರಿ ಕೆಲಸ ಜನಸಾಮಾನ್ಯರ
ಕೆಲಸವಾಗಬೇಕು : ತಹಸಿಲ್ದಾರ್ ಮಮತಾ
ಭೀಮ ವಿಜಯ ನ್ಯೂಸ್

ಹಾಸನ : ಸರ್ಕಾರಿ ಕಚೇರಿ ಮಹಾದ್ವಾರದಲ್ಲಿ ಸರಕಾರಿ ಕೆಲಸ ದೇವರ ಕೆಲಸ ಎಂದು ನಾಮಪಲಕ ಇರುವುದು ಸರ್ವೇಸಾಮಾನ್ಯ ಆದರೆ ಸರಕಾರಿ ಅಧಿಕಾರಿಗಳು ದೇವರ ಕೆಲಸ ಜನಸಾಮಾನ್ಯರ ಕೆಲಸವೆಂದು ಅರಿತು

ಬದಲಿಸಬೇಕು ಎಂದು ತಹಸಿಲ್ದಾರ್ ಮಮತಾ ತಿಳಿಸಿದರು. ಹೇಮಾವತಿ ಜಲಾಶಯದ ಬೃಹತ್ ನೀರಿನಿಂದ ತುಂಬಿ ಬಂದಿದ್ದು ಪ್ರತಿಯೊಂದು ಗ್ರಾಮಗಳಿಗೂ ಸಮರ್ಪಕವಾಗಿ ನೀರು ತಲುಪಬೇಕು. ಅವರ ಸಮಸ್ಯೆಗಳಿಗೆ ಸ್ಪಂದಿಸುವ ಕೆಲಸ ಅಧಿಕಾರಿಗಳು ಮಾಡಬೇಕು ಎಂದರು. ಗ್ರಾಮದ ಹಿರಿಯ ಮುಖಂಡರು ಸರ್ಕಾರಿ ಕಚೇರಿಗಳಲ್ಲಿ ಭಾಗವಹಿಸಿ ಸಮಸ್ಯೆಗಳನ್ನು ತಿಳಿಸಿದರು. ದೇವರ ಜೇಬಿನಿಂದ ಲೈಟಿನ ವಿದ್ಯುತ್ ಸೌಲಭ್ಯ ಕಲ್ಪಿಸಿ ಕೊಟ್ಟ ರೈತರ ಶ್ರಮವನ್ನು ಗೌರವಿಸಬೇಕು ಎಂದು ಹೇಳಿದರು.

ಸಾರ್ವಜನಿಕರ ಕೆಲಸ ಮಾಡಿಕೊಟ್ಟಾಗ ಮಾತ್ರ ದೇವರ ಕೆಲಸ ಮಾಡಿದಂತಾಗುತ್ತದೆ. ಬದಲಿಕೆ ಕೆಲಸ ಮಾಡಿದರೆ ಸರ್ಕಾರಿ ಕಚೇರಿಯ ಕೆಲಸವನ್ನು ಸ್ಥಳೀಯರು ಸರಿಯಾದ ರೀತಿಯಲ್ಲಿ ಮಾಡಬೇಕು ಎಂದರು. ಗ್ರಾಮ ಪಂಚಾಯತಿ ಅಧ್ಯಕ್ಷರು, ಸದಸ್ಯರು, ಸ್ಥಳೀಯ ಮುಖಂಡರು ಭಾಗವಹಿಸಿದ್ದರು. ಈ ಸಂದರ್ಭದಲ್ಲಿ ಕಂದಾಯ ಅಧಿಕಾರಿಗಳು, ಗ್ರಾಮ ಲೆಕ್ಕಾಧಿಕಾರಿಗಳು ಹಾಗೂ ಗ್ರಾಮಸ್ಥರು ಹಾಜರಿದ್ದರು. ಕರ್ನಾಟಕ ರಕ್ಷಣಾ ವೇದಿಕೆ ವತಿಯಿಂದ ತಹಸಿಲ್ದಾರ್ ಮಮತಾರವರನ್ನು ಅಭಿನಂದಿಸಲಾಯಿತು. ಹೇಮಾವತಿ ನದಿಗೆ ಬಾಗಿನ ಅರ್ಪಿಸುವ ಮೂಲಕ ಪ್ರಮಾಣವಚನ ಬೋಧಿಸಿದರು. ಕರ್ನಾಟಕ ರಕ್ಷಣಾ ವೇದಿಕೆಯ ವತಿಯಿಂದ ಅಭಿನಂದನಾ ಕಾರ್ಯಕ್ರಮ.

Edited, Owned, Published Printed by: NAGARAJU.H.S. Karthik Nilaya,Hemavathi Nagar,Near Royal Appolo, 3rd Main, 12th Ward, Hassan,
Hassan Dist. Karnataka Printed at: HONALU GRAPHICS, Ashoka road, Vidhya Nagar, Hassan Hassan Dist. Karnataka State.
